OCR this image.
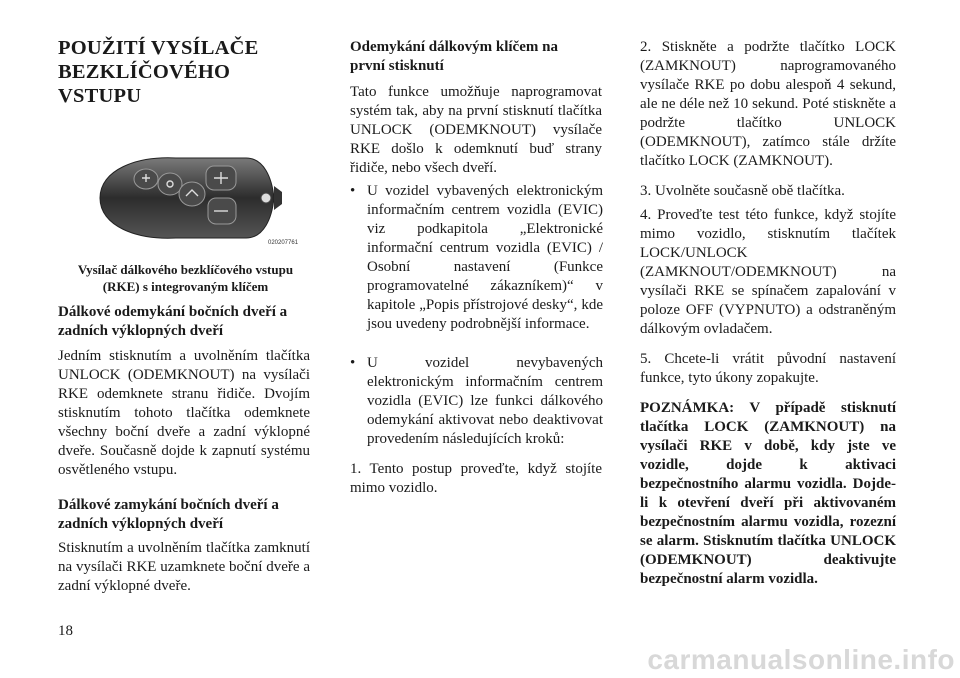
POUŽITÍ VYSÍLAČE
BEZKLÍČOVÉHO VSTUPU
020207761
Vysílač dálkového bezklíčového vstupu
(RKE) s integrovaným klíčem

Dálkové odemykání bočních dveří a zadních výklopných dveří

Jedním stisknutím a uvolněním tlačítka UNLOCK (ODEMKNOUT) na vysílači RKE odemknete stranu řidiče. Dvojím stisknutím tohoto tlačítka odemknete všechny boční dveře a zadní výklopné dveře. Současně dojde k zapnutí systému osvětleného vstupu.

Dálkové zamykání bočních dveří a zadních výklopných dveří

Stisknutím a uvolněním tlačítka zamknutí na vysílači RKE uzamknete boční dveře a zadní výklopné dveře.

Odemykání dálkovým klíčem na
první stisknutí

Tato funkce umožňuje naprogramovat systém tak, aby na první stisknutí tlačítka UNLOCK (ODEMKNOUT) vysílače RKE došlo k odemknutí buď strany řidiče, nebo všech dveří.

• U vozidel vybavených elektronickým informačním centrem vozidla (EVIC) viz podkapitola „Elektronické informační centrum vozidla (EVIC) / Osobní nastavení (Funkce programovatelné zákazníkem)“ v kapitole „Popis přístrojové desky“, kde jsou uvedeny podrobnější informace.

• U vozidel nevybavených elektronickým informačním centrem vozidla (EVIC) lze funkci dálkového odemykání aktivovat nebo deaktivovat provedením následujících kroků:

1. Tento postup proveďte, když stojíte mimo vozidlo.

2. Stiskněte a podržte tlačítko LOCK (ZAMKNOUT) naprogramovaného vysílače RKE po dobu alespoň 4 sekund, ale ne déle než 10 sekund. Poté stiskněte a podržte tlačítko UNLOCK (ODEMKNOUT), zatímco stále držíte tlačítko LOCK (ZAMKNOUT).

3. Uvolněte současně obě tlačítka.

4. Proveďte test této funkce, když stojíte mimo vozidlo, stisknutím tlačítek LOCK/UNLOCK (ZAMKNOUT/ODEMKNOUT) na vysílači RKE se spínačem zapalování v poloze OFF (VYPNUTO) a odstraněným dálkovým ovladačem.

5. Chcete-li vrátit původní nastavení funkce, tyto úkony zopakujte.

POZNÁMKA: V případě stisknutí tlačítka LOCK (ZAMKNOUT) na vysílači RKE v době, kdy jste ve vozidle, dojde k aktivaci bezpečnostního alarmu vozidla. Dojde-li k otevření dveří při aktivovaném bezpečnostním alarmu vozidla, rozezní se alarm. Stisknutím tlačítka UNLOCK (ODEMKNOUT) deaktivujte bezpečnostní alarm vozidla.

18
carmanualsonline.info
